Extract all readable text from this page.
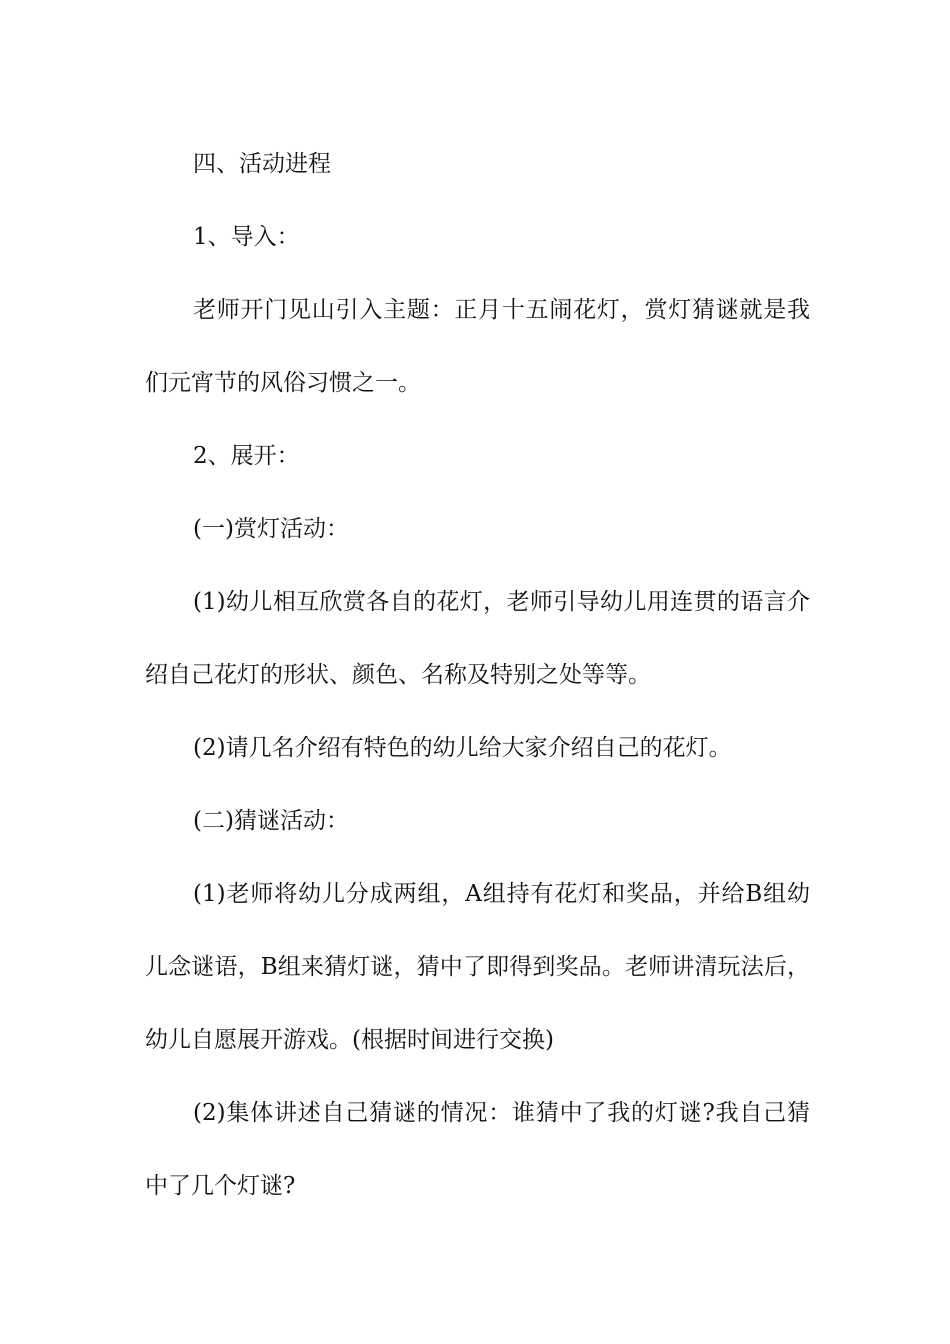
四、活动进程

1、导入：

老师开门见山引入主题：正月十五闹花灯，赏灯猜谜就是我们元宵节的风俗习惯之一。

2、展开：

(一)赏灯活动：

(1)幼儿相互欣赏各自的花灯，老师引导幼儿用连贯的语言介绍自己花灯的形状、颜色、名称及特别之处等等。

(2)请几名介绍有特色的幼儿给大家介绍自己的花灯。

(二)猜谜活动：

(1)老师将幼儿分成两组，A组持有花灯和奖品，并给B组幼儿念谜语，B组来猜灯谜，猜中了即得到奖品。老师讲清玩法后，幼儿自愿展开游戏。(根据时间进行交换)

(2)集体讲述自己猜谜的情况：谁猜中了我的灯谜?我自己猜中了几个灯谜?
